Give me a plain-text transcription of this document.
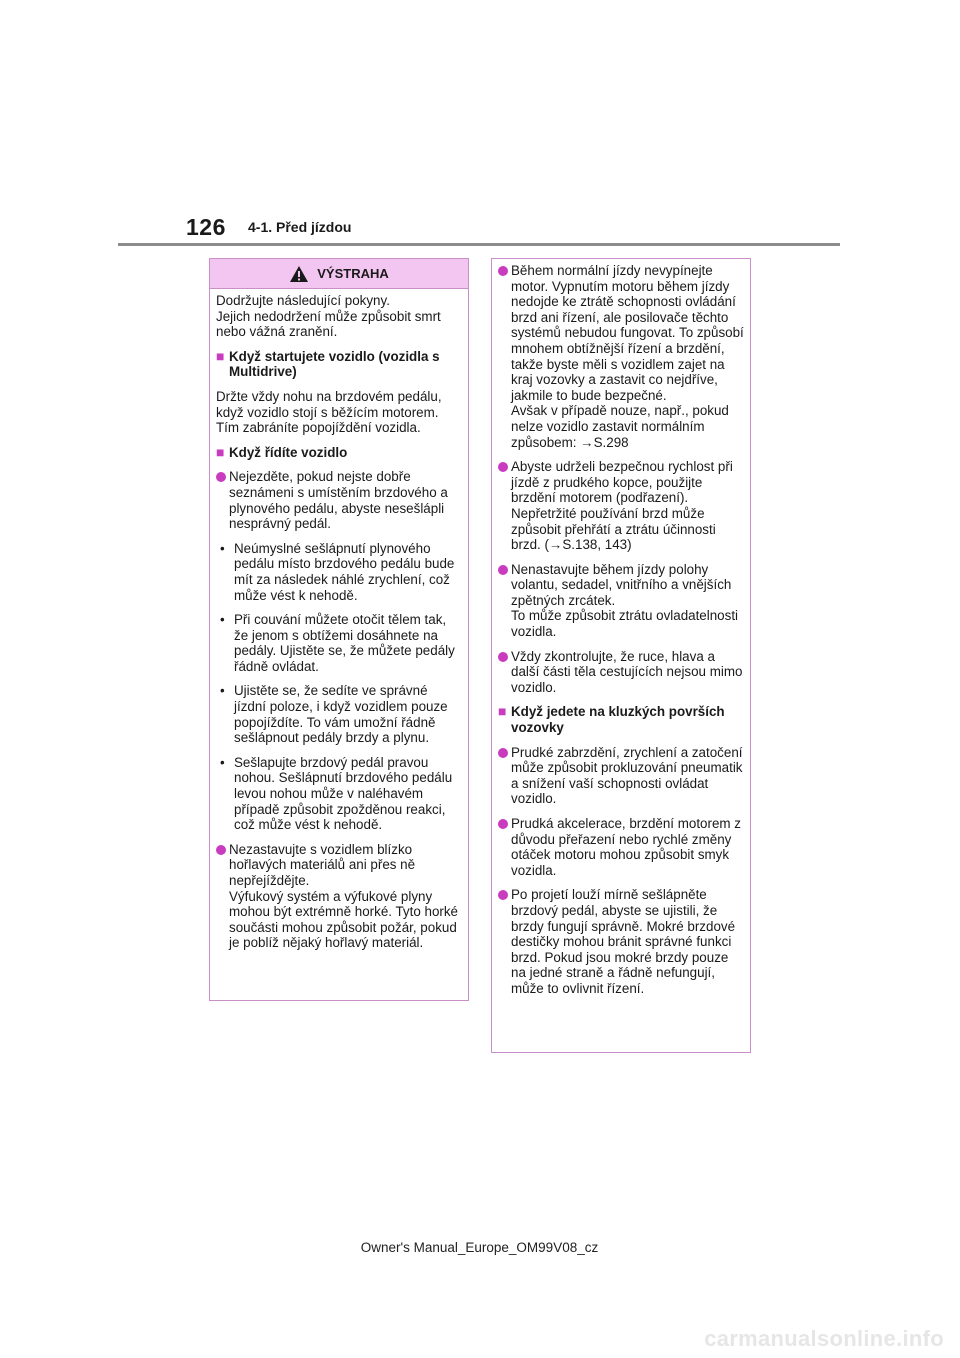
126 4-1. Před jízdou
VÝSTRAHA

Dodržujte následující pokyny.
Jejich nedodržení může způsobit smrt nebo vážná zranění.

■ Když startujete vozidlo (vozidla s Multidrive)

Držte vždy nohu na brzdovém pedálu, když vozidlo stojí s běžícím motorem. Tím zabráníte popojíždění vozidla.

■ Když řídíte vozidlo
Nejezděte, pokud nejste dobře seznámeni s umístěním brzdového a plynového pedálu, abyste nesešlápli nesprávný pedál.
• Neúmyslné sešlápnutí plynového pedálu místo brzdového pedálu bude mít za následek náhlé zrychlení, což může vést k nehodě.
• Při couvání můžete otočit tělem tak, že jenom s obtížemi dosáhnete na pedály. Ujistěte se, že můžete pedály řádně ovládat.
• Ujistěte se, že sedíte ve správné jízdní poloze, i když vozidlem pouze popojíždíte. To vám umožní řádně sešlápnout pedály brzdy a plynu.
• Sešlapujte brzdový pedál pravou nohou. Sešlápnutí brzdového pedálu levou nohou může v naléhavém případě způsobit zpožděnou reakci, což může vést k nehodě.
Nezastavujte s vozidlem blízko hořlavých materiálů ani přes ně nepřejíždějte.
Výfukový systém a výfukové plyny mohou být extrémně horké. Tyto horké součásti mohou způsobit požár, pokud je poblíž nějaký hořlavý materiál.
Během normální jízdy nevypínejte motor. Vypnutím motoru během jízdy nedojde ke ztrátě schopnosti ovládání brzd ani řízení, ale posilovače těchto systémů nebudou fungovat. To způsobí mnohem obtížnější řízení a brzdění, takže byste měli s vozidlem zajet na kraj vozovky a zastavit co nejdříve, jakmile to bude bezpečné.
Avšak v případě nouze, např., pokud nelze vozidlo zastavit normálním způsobem: →S.298
Abyste udrželi bezpečnou rychlost při jízdě z prudkého kopce, použijte brzdění motorem (podřazení).
Nepřetržité používání brzd může způsobit přehřátí a ztrátu účinnosti brzd. (→S.138, 143)
Nenastavujte během jízdy polohy volantu, sedadel, vnitřního a vnějších zpětných zrcátek.
To může způsobit ztrátu ovladatelnosti vozidla.
Vždy zkontrolujte, že ruce, hlava a další části těla cestujících nejsou mimo vozidlo.
■ Když jedete na kluzkých površích vozovky
Prudké zabrzdění, zrychlení a zatočení může způsobit prokluzování pneumatik a snížení vaší schopnosti ovládat vozidlo.
Prudká akcelerace, brzdění motorem z důvodu přeřazení nebo rychlé změny otáček motoru mohou způsobit smyk vozidla.
Po projetí louží mírně sešlápněte brzdový pedál, abyste se ujistili, že brzdy fungují správně. Mokré brzdové destičky mohou bránit správné funkci brzd. Pokud jsou mokré brzdy pouze na jedné straně a řádně nefungují, může to ovlivnit řízení.
Owner's Manual_Europe_OM99V08_cz
carmanualsonline.info
